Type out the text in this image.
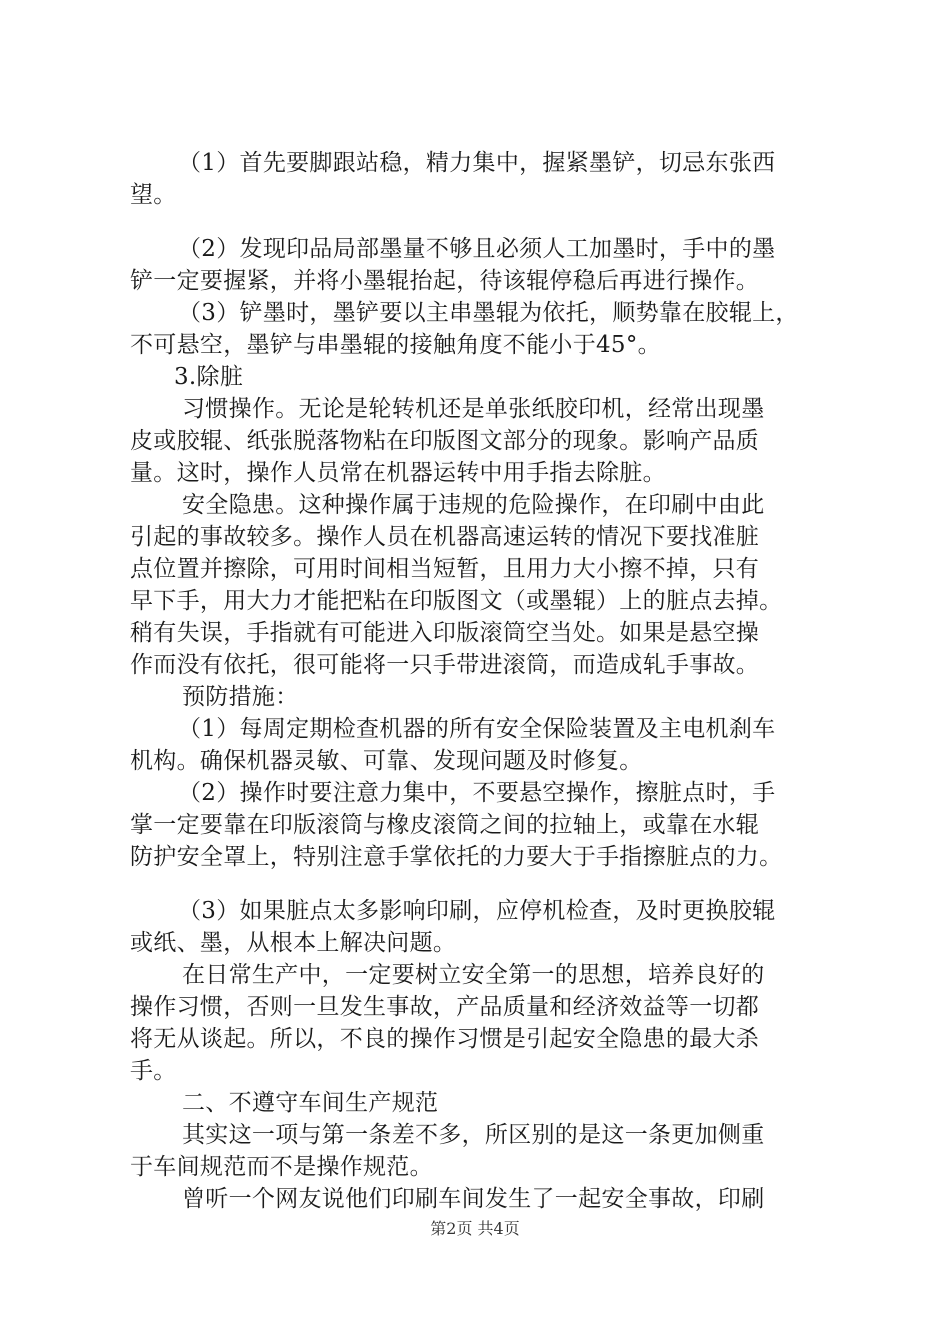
（1）首先要脚跟站稳，精力集中，握紧墨铲，切忌东张西
望。
（2）发现印品局部墨量不够且必须人工加墨时，手中的墨
铲一定要握紧，并将小墨辊抬起，待该辊停稳后再进行操作。
（3）铲墨时，墨铲要以主串墨辊为依托，顺势靠在胶辊上，
不可悬空，墨铲与串墨辊的接触角度不能小于45°。
3.除脏
习惯操作。无论是轮转机还是单张纸胶印机，经常出现墨
皮或胶辊、纸张脱落物粘在印版图文部分的现象。影响产品质
量。这时，操作人员常在机器运转中用手指去除脏。
安全隐患。这种操作属于违规的危险操作，在印刷中由此
引起的事故较多。操作人员在机器高速运转的情况下要找准脏
点位置并擦除，可用时间相当短暂，且用力大小擦不掉，只有
早下手，用大力才能把粘在印版图文（或墨辊）上的脏点去掉。
稍有失误，手指就有可能进入印版滚筒空当处。如果是悬空操
作而没有依托，很可能将一只手带进滚筒，而造成轧手事故。
预防措施：
（1）每周定期检查机器的所有安全保险装置及主电机刹车
机构。确保机器灵敏、可靠、发现问题及时修复。
（2）操作时要注意力集中，不要悬空操作，擦脏点时，手
掌一定要靠在印版滚筒与橡皮滚筒之间的拉轴上，或靠在水辊
防护安全罩上，特别注意手掌依托的力要大于手指擦脏点的力。
（3）如果脏点太多影响印刷，应停机检查，及时更换胶辊
或纸、墨，从根本上解决问题。
在日常生产中，一定要树立安全第一的思想，培养良好的
操作习惯，否则一旦发生事故，产品质量和经济效益等一切都
将无从谈起。所以，不良的操作习惯是引起安全隐患的最大杀
手。
二、不遵守车间生产规范
其实这一项与第一条差不多，所区别的是这一条更加侧重
于车间规范而不是操作规范。
曾听一个网友说他们印刷车间发生了一起安全事故，印刷
第2页 共4页
